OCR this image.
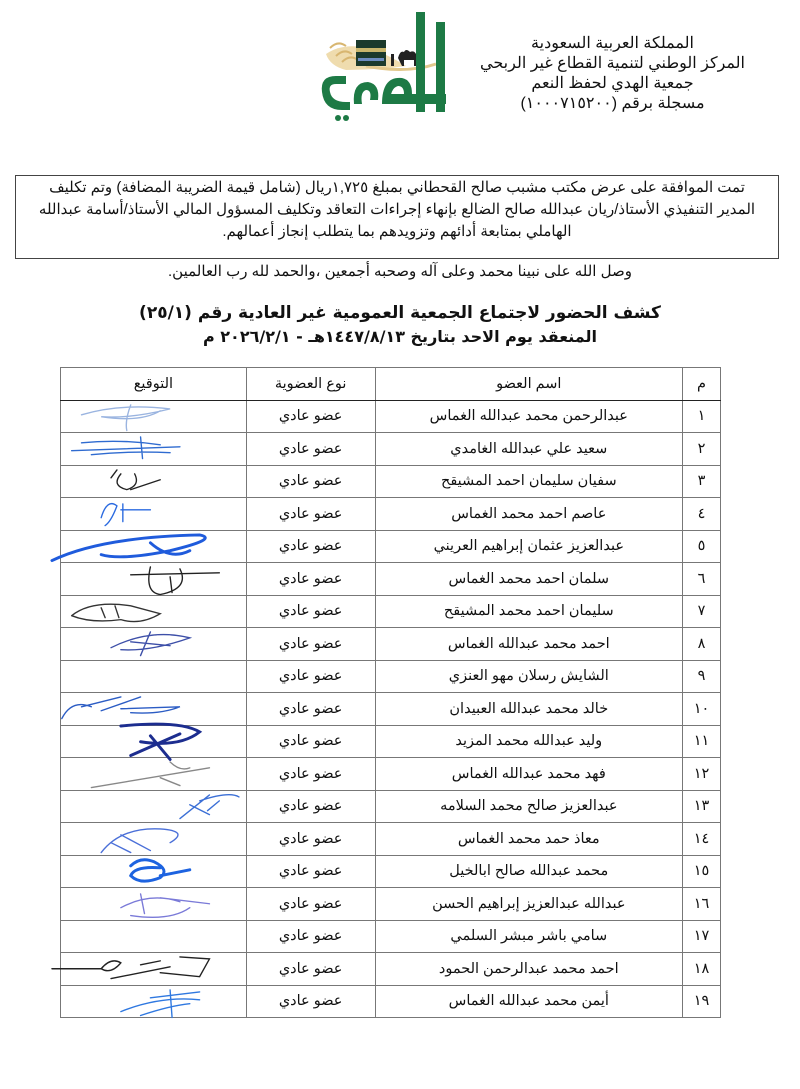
المملكة العربية السعودية
المركز الوطني لتنمية القطاع غير الربحي
جمعية الهدي لحفظ النعم
مسجلة برقم (١٠٠٠٧١٥٢٠٠)
تمت الموافقة على عرض مكتب مشبب صالح القحطاني بمبلغ ١,٧٢٥ريال (شامل قيمة الضريبة المضافة) وتم تكليف
المدير التنفيذي الأستاذ/ريان عبدالله صالح الضالع بإنهاء إجراءات التعاقد وتكليف المسؤول المالي الأستاذ/أسامة عبدالله
الهاملي بمتابعة أدائهم وتزويدهم بما يتطلب إنجاز أعمالهم.
وصل الله على نبينا محمد وعلى آله وصحبه أجمعين ،والحمد لله رب العالمين.
كشف الحضور لاجتماع الجمعية العمومية غير العادية رقم (٢٥/١)
المنعقد يوم الاحد بتاريخ ١٤٤٧/٨/١٣هـ - ٢٠٢٦/٢/١ م
م	اسم العضو	نوع العضوية	التوقيع
١	عبدالرحمن محمد عبدالله الغماس	عضو عادي	

٢	سعيد علي عبدالله الغامدي	عضو عادي	

٣	سفيان سليمان احمد المشيقح	عضو عادي	

٤	عاصم احمد محمد الغماس	عضو عادي	

٥	عبدالعزيز عثمان إبراهيم العريني	عضو عادي	

٦	سلمان احمد محمد الغماس	عضو عادي	

٧	سليمان احمد محمد المشيقح	عضو عادي	

٨	احمد محمد عبدالله الغماس	عضو عادي	

٩	الشايش رسلان مهو العنزي	عضو عادي	
١٠	خالد محمد عبدالله العبيدان	عضو عادي	

١١	وليد عبدالله محمد المزيد	عضو عادي	

١٢	فهد محمد عبدالله الغماس	عضو عادي	

١٣	عبدالعزيز صالح محمد السلامه	عضو عادي	

١٤	معاذ حمد محمد الغماس	عضو عادي	

١٥	محمد عبدالله صالح ابالخيل	عضو عادي	

١٦	عبدالله عبدالعزيز إبراهيم الحسن	عضو عادي	

١٧	سامي باشر مبشر السلمي	عضو عادي	
١٨	احمد محمد عبدالرحمن الحمود	عضو عادي	

١٩	أيمن محمد عبدالله الغماس	عضو عادي	
